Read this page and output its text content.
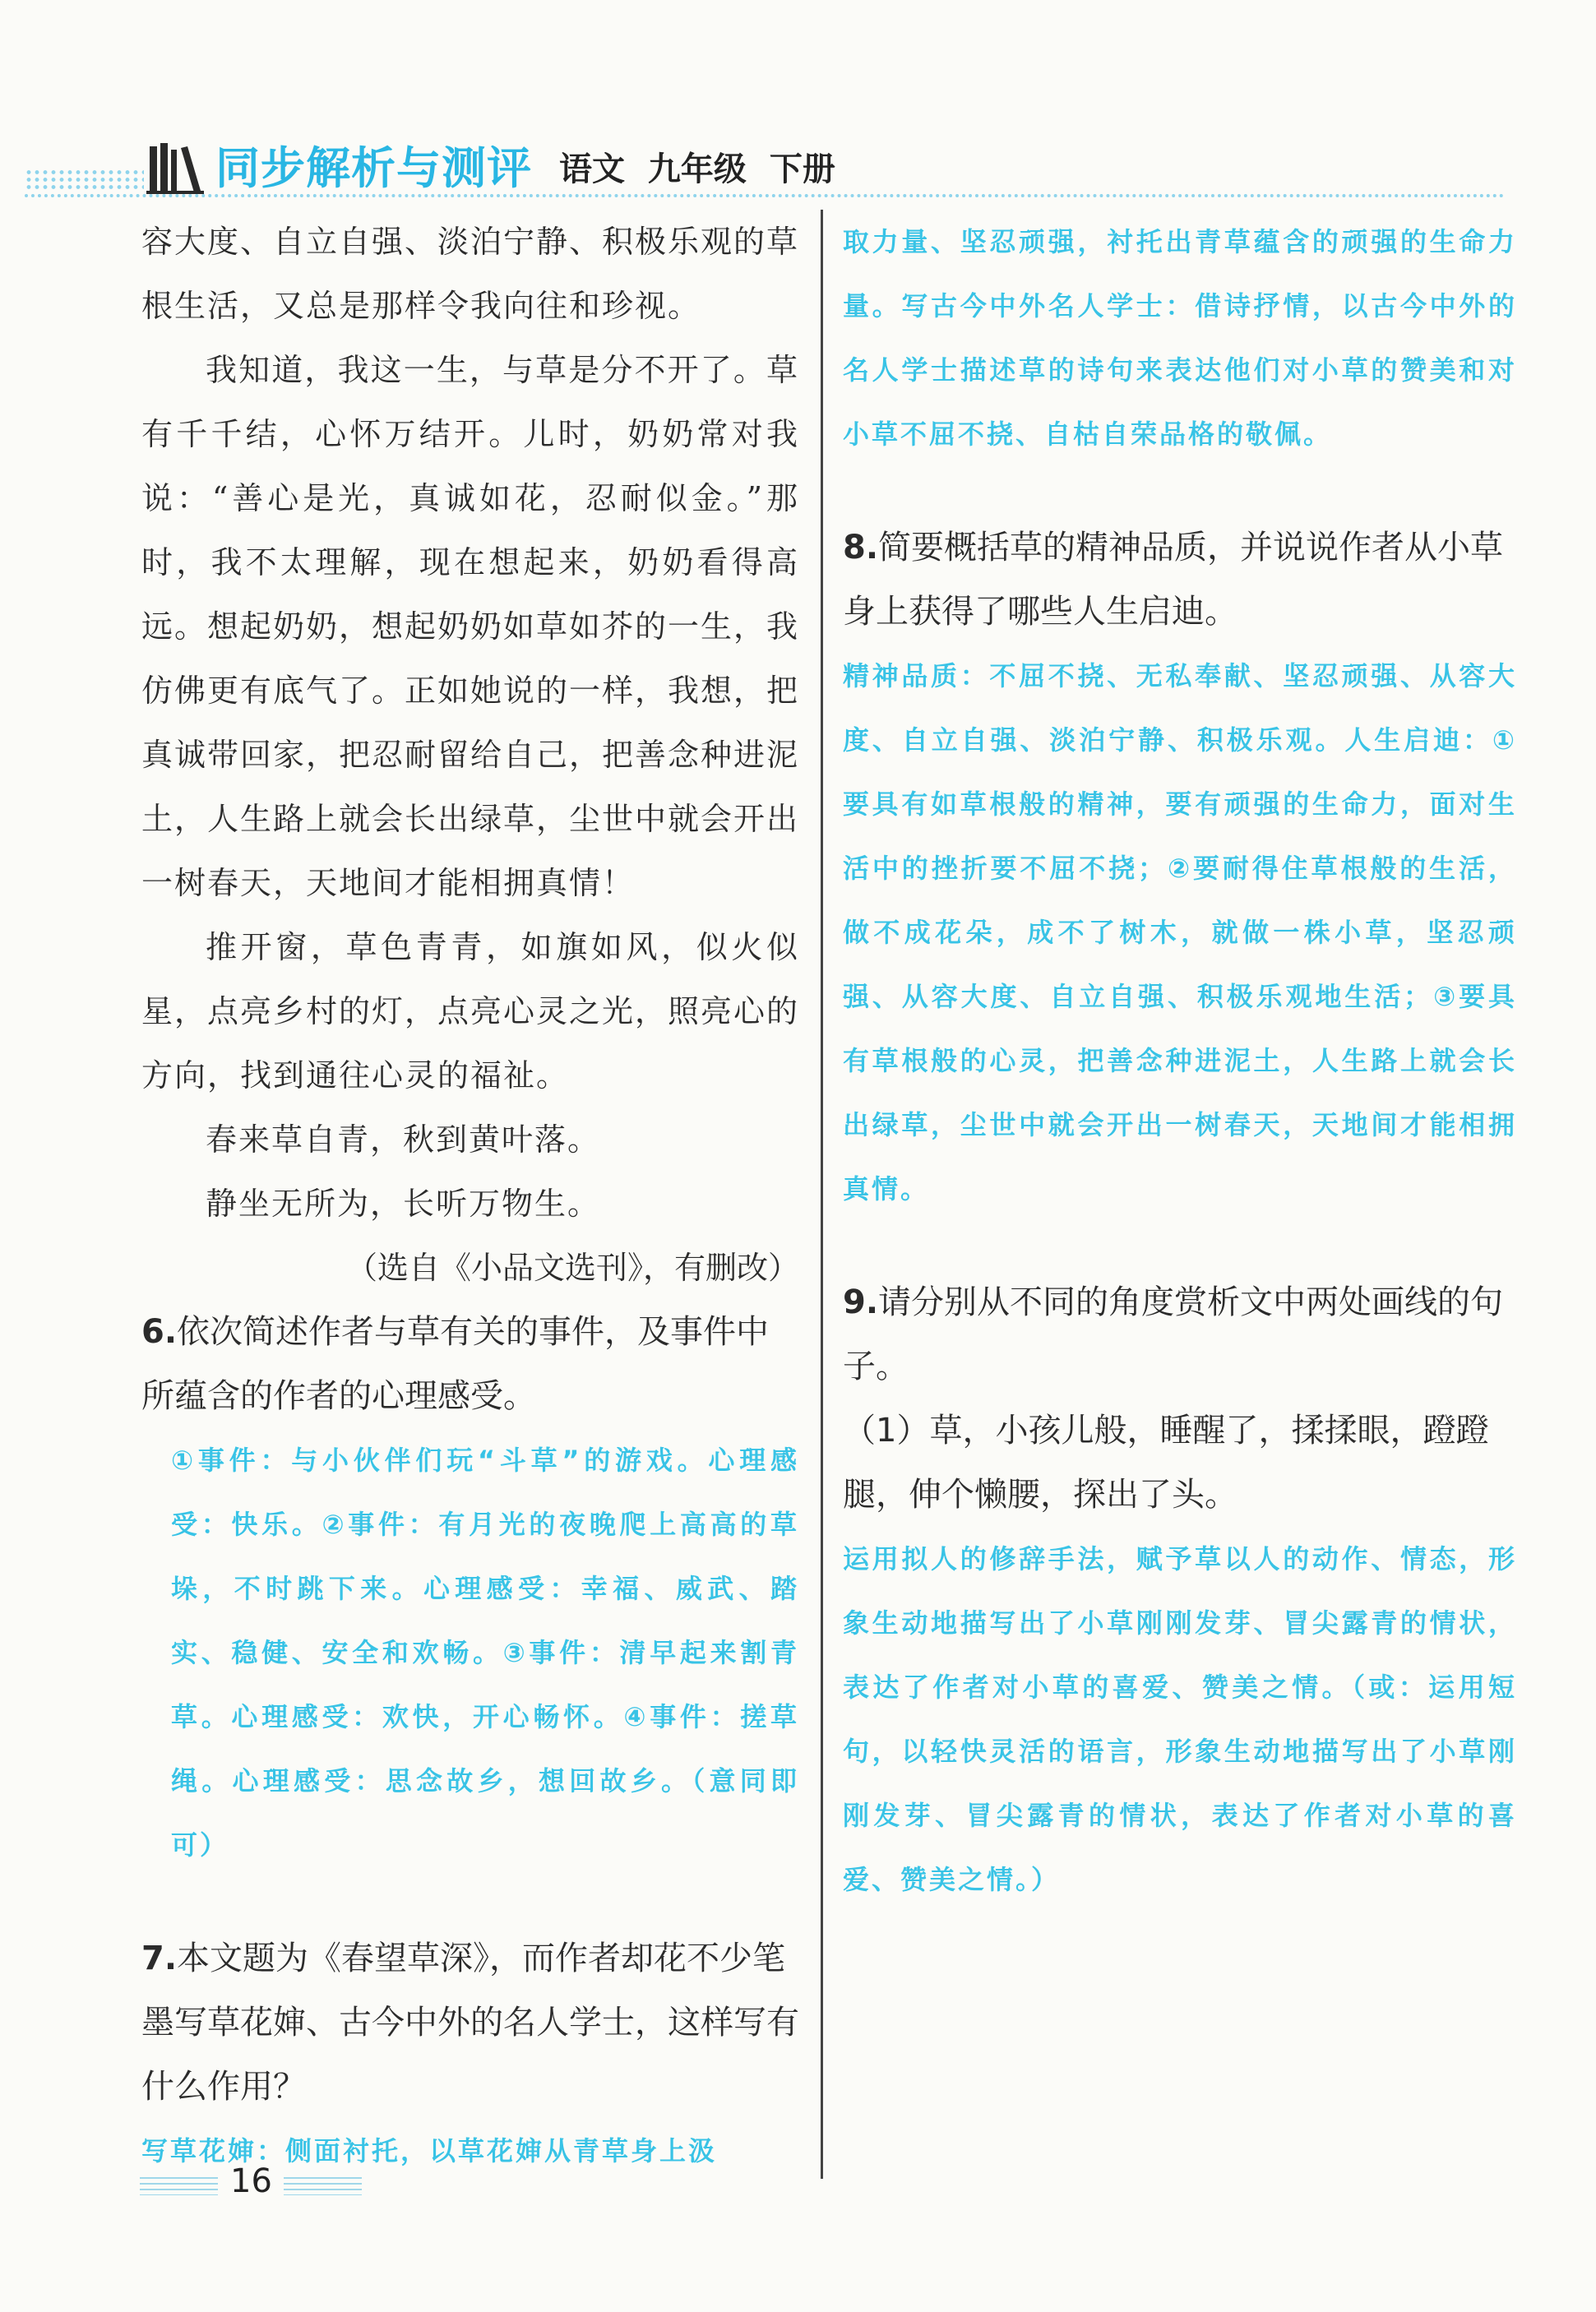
同步解析与测评 语文 九年级 下册

容大度、自立自强、淡泊宁静、积极乐观的草根生活，又总是那样令我向往和珍视。

我知道，我这一生，与草是分不开了。草有千千结，心怀万结开。儿时，奶奶常对我说：“善心是光，真诚如花，忍耐似金。”那时，我不太理解，现在想起来，奶奶看得高远。想起奶奶，想起奶奶如草如芥的一生，我仿佛更有底气了。正如她说的一样，我想，把真诚带回家，把忍耐留给自己，把善念种进泥土，人生路上就会长出绿草，尘世中就会开出一树春天，天地间才能相拥真情！

推开窗，草色青青，如旗如风，似火似星，点亮乡村的灯，点亮心灵之光，照亮心的方向，找到通往心灵的福祉。

春来草自青，秋到黄叶落。

静坐无所为，长听万物生。

（选自《小品文选刊》，有删改）

6.依次简述作者与草有关的事件，及事件中所蕴含的作者的心理感受。

①事件：与小伙伴们玩“斗草”的游戏。心理感受：快乐。②事件：有月光的夜晚爬上高高的草垛，不时跳下来。心理感受：幸福、威武、踏实、稳健、安全和欢畅。③事件：清早起来割青草。心理感受：欢快，开心畅怀。④事件：搓草绳。心理感受：思念故乡，想回故乡。（意同即可）

7.本文题为《春望草深》，而作者却花不少笔墨写草花婶、古今中外的名人学士，这样写有什么作用？

写草花婶：侧面衬托，以草花婶从青草身上汲

取力量、坚忍顽强，衬托出青草蕴含的顽强的生命力量。写古今中外名人学士：借诗抒情，以古今中外的名人学士描述草的诗句来表达他们对小草的赞美和对小草不屈不挠、自枯自荣品格的敬佩。

8.简要概括草的精神品质，并说说作者从小草身上获得了哪些人生启迪。

精神品质：不屈不挠、无私奉献、坚忍顽强、从容大度、自立自强、淡泊宁静、积极乐观。人生启迪：①要具有如草根般的精神，要有顽强的生命力，面对生活中的挫折要不屈不挠；②要耐得住草根般的生活，做不成花朵，成不了树木，就做一株小草，坚忍顽强、从容大度、自立自强、积极乐观地生活；③要具有草根般的心灵，把善念种进泥土，人生路上就会长出绿草，尘世中就会开出一树春天，天地间才能相拥真情。

9.请分别从不同的角度赏析文中两处画线的句子。

（1）草，小孩儿般，睡醒了，揉揉眼，蹬蹬腿，伸个懒腰，探出了头。

运用拟人的修辞手法，赋予草以人的动作、情态，形象生动地描写出了小草刚刚发芽、冒尖露青的情状，表达了作者对小草的喜爱、赞美之情。（或：运用短句，以轻快灵活的语言，形象生动地描写出了小草刚刚发芽、冒尖露青的情状，表达了作者对小草的喜爱、赞美之情。）

16
